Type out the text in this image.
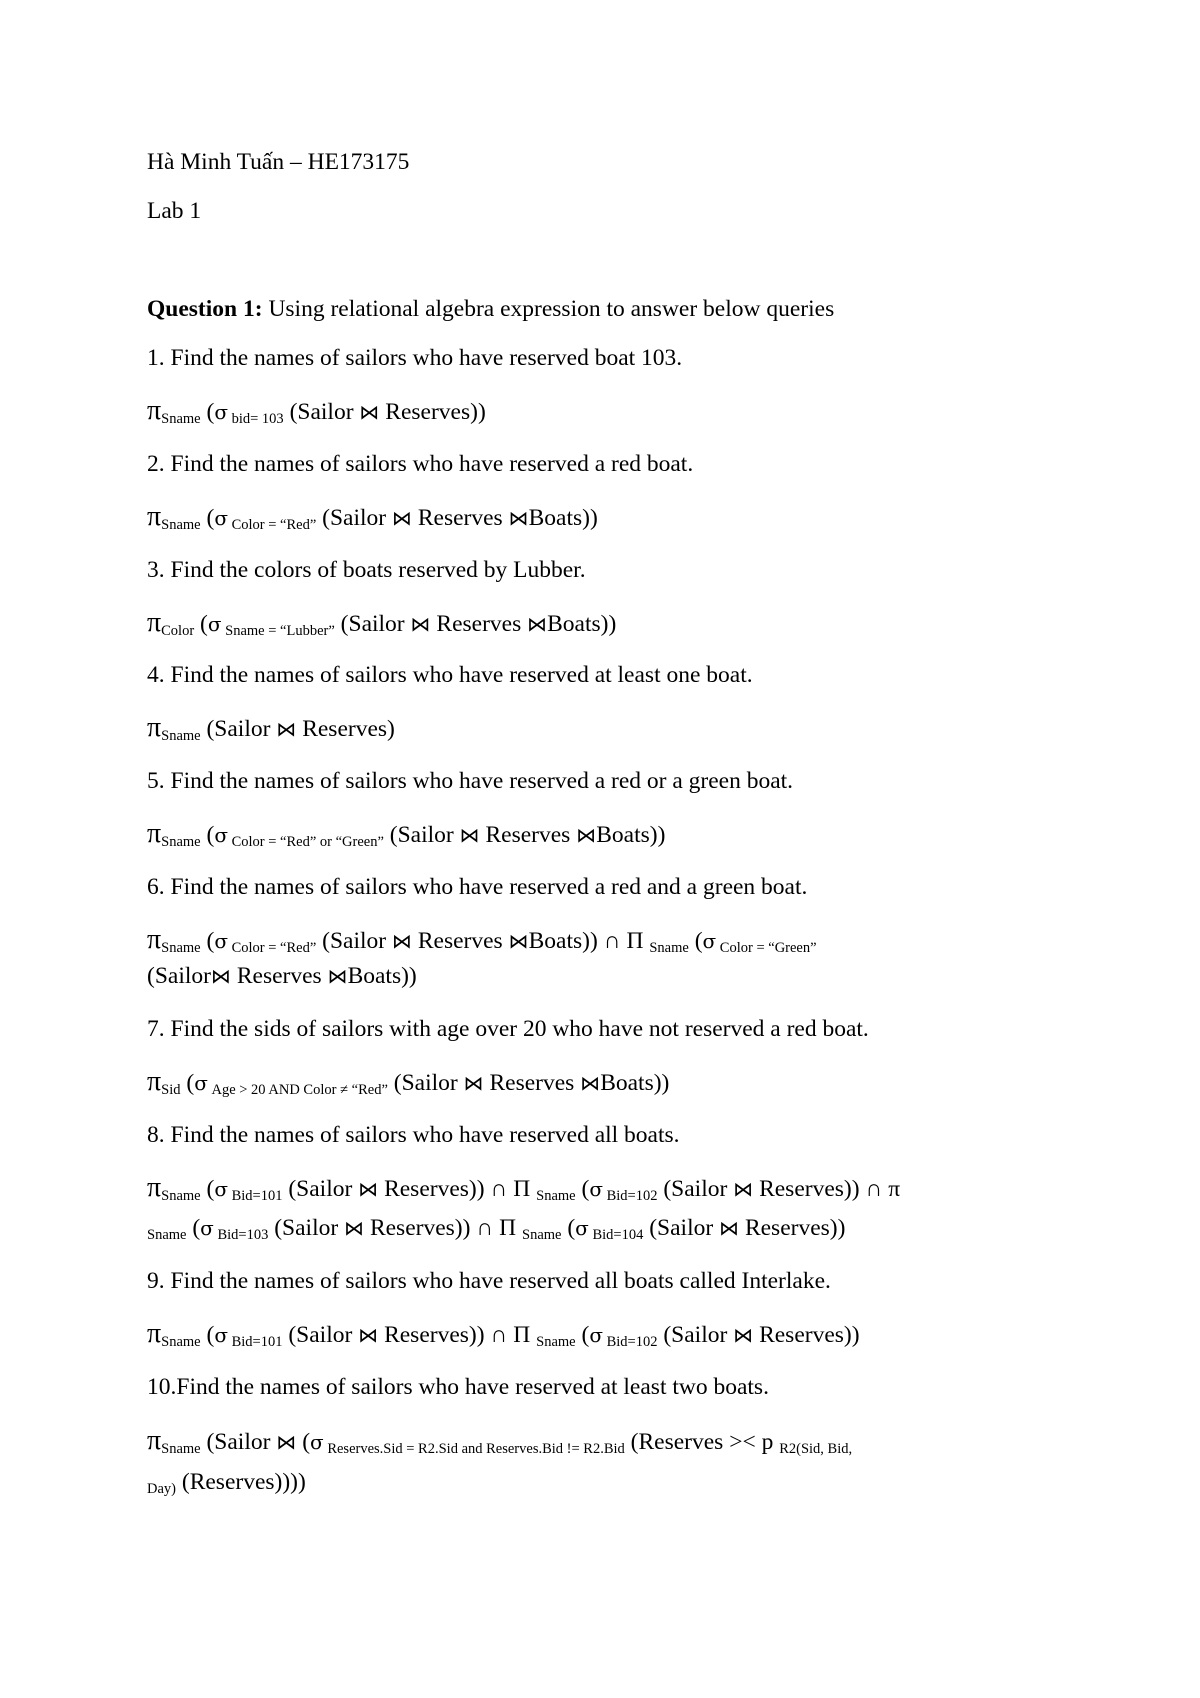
Hà Minh Tuấn – HE173175
Lab 1
Question 1: Using relational algebra expression to answer below queries
1. Find the names of sailors who have reserved boat 103.
πSname (σ bid= 103 (Sailor ⋈ Reserves))
2. Find the names of sailors who have reserved a red boat.
πSname (σ Color = “Red” (Sailor ⋈ Reserves ⋈Boats))
3. Find the colors of boats reserved by Lubber.
πColor (σ Sname = “Lubber” (Sailor ⋈ Reserves ⋈Boats))
4. Find the names of sailors who have reserved at least one boat.
πSname (Sailor ⋈ Reserves)
5. Find the names of sailors who have reserved a red or a green boat.
πSname (σ Color = “Red” or “Green” (Sailor ⋈ Reserves ⋈Boats))
6. Find the names of sailors who have reserved a red and a green boat.
πSname (σ Color = “Red” (Sailor ⋈ Reserves ⋈Boats)) ∩ Π Sname (σ Color = “Green”
(Sailor⋈ Reserves ⋈Boats))
7. Find the sids of sailors with age over 20 who have not reserved a red boat.
πSid (σ Age > 20 AND Color ≠ “Red” (Sailor ⋈ Reserves ⋈Boats))
8. Find the names of sailors who have reserved all boats.
πSname (σ Bid=101 (Sailor ⋈ Reserves)) ∩ Π Sname (σ Bid=102 (Sailor ⋈ Reserves)) ∩ π
Sname (σ Bid=103 (Sailor ⋈ Reserves)) ∩ Π Sname (σ Bid=104 (Sailor ⋈ Reserves))
9. Find the names of sailors who have reserved all boats called Interlake.
πSname (σ Bid=101 (Sailor ⋈ Reserves)) ∩ Π Sname (σ Bid=102 (Sailor ⋈ Reserves))
10.Find the names of sailors who have reserved at least two boats.
πSname (Sailor ⋈ (σ Reserves.Sid = R2.Sid and Reserves.Bid != R2.Bid (Reserves >< p R2(Sid, Bid,
Day) (Reserves))))
